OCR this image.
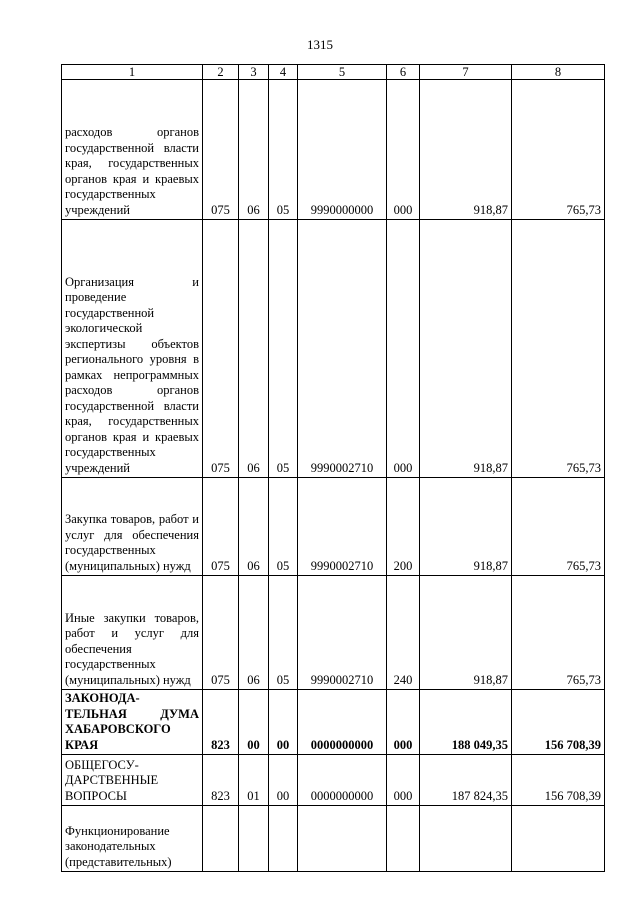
1315
1	2	3	4	5	6	7	8
расходов органов государственной власти края, государственных органов края и краевых государственных учреждений	075	06	05	9990000000	000	918,87	765,73
Организация и проведение государственной экологической экспертизы объектов регионального уровня в рамках непрограммных расходов органов государственной власти края, государственных органов края и краевых государственных учреждений	075	06	05	9990002710	000	918,87	765,73
Закупка товаров, работ и услуг для обеспечения государственных (муниципальных) нужд	075	06	05	9990002710	200	918,87	765,73
Иные закупки товаров, работ и услуг для обеспечения государственных (муниципальных) нужд	075	06	05	9990002710	240	918,87	765,73
ЗАКОНОДА-ТЕЛЬНАЯ ДУМА ХАБАРОВСКОГО КРАЯ	823	00	00	0000000000	000	188 049,35	156 708,39
ОБЩЕГОСУ-ДАРСТВЕННЫЕ ВОПРОСЫ	823	01	00	0000000000	000	187 824,35	156 708,39
Функционирование законодательных (представительных)							
